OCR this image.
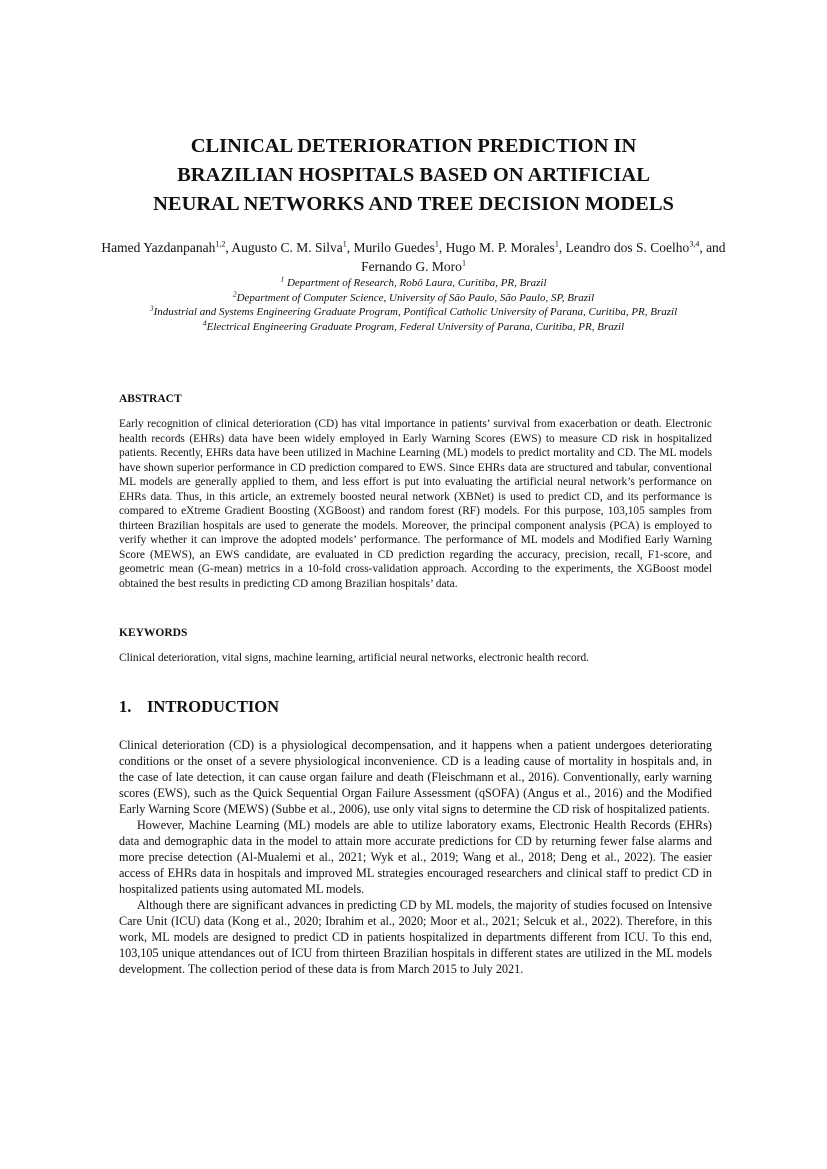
CLINICAL DETERIORATION PREDICTION IN
BRAZILIAN HOSPITALS BASED ON ARTIFICIAL
NEURAL NETWORKS AND TREE DECISION MODELS
Hamed Yazdanpanah$^{1,2}$, Augusto C. M. Silva$^1$, Murilo Guedes$^1$, Hugo M. P. Morales$^1$, Leandro dos S. Coelho$^{3,4}$, and Fernando G. Moro$^1$
$^1$ Department of Research, Robô Laura, Curitiba, PR, Brazil
$^2$Department of Computer Science, University of São Paulo, São Paulo, SP, Brazil
$^3$Industrial and Systems Engineering Graduate Program, Pontifical Catholic University of Parana, Curitiba, PR, Brazil
$^4$Electrical Engineering Graduate Program, Federal University of Parana, Curitiba, PR, Brazil
ABSTRACT

Early recognition of clinical deterioration (CD) has vital importance in patients’ survival from exacerbation or death. Electronic health records (EHRs) data have been widely employed in Early Warning Scores (EWS) to measure CD risk in hospitalized patients. Recently, EHRs data have been utilized in Machine Learning (ML) models to predict mortality and CD. The ML models have shown superior performance in CD prediction compared to EWS. Since EHRs data are structured and tabular, conventional ML models are generally applied to them, and less effort is put into evaluating the artificial neural network’s performance on EHRs data. Thus, in this article, an extremely boosted neural network (XBNet) is used to predict CD, and its performance is compared to eXtreme Gradient Boosting (XGBoost) and random forest (RF) models. For this purpose, 103,105 samples from thirteen Brazilian hospitals are used to generate the models. Moreover, the principal component analysis (PCA) is employed to verify whether it can improve the adopted models’ performance. The performance of ML models and Modified Early Warning Score (MEWS), an EWS candidate, are evaluated in CD prediction regarding the accuracy, precision, recall, F1-score, and geometric mean (G-mean) metrics in a 10-fold cross-validation approach. According to the experiments, the XGBoost model obtained the best results in predicting CD among Brazilian hospitals’ data.

KEYWORDS

Clinical deterioration, vital signs, machine learning, artificial neural networks, electronic health record.

1. INTRODUCTION

Clinical deterioration (CD) is a physiological decompensation, and it happens when a patient undergoes deteriorating conditions or the onset of a severe physiological inconvenience. CD is a leading cause of mortality in hospitals and, in the case of late detection, it can cause organ failure and death (Fleischmann et al., 2016). Conventionally, early warning scores (EWS), such as the Quick Sequential Organ Failure Assessment (qSOFA) (Angus et al., 2016) and the Modified Early Warning Score (MEWS) (Subbe et al., 2006), use only vital signs to determine the CD risk of hospitalized patients.

However, Machine Learning (ML) models are able to utilize laboratory exams, Electronic Health Records (EHRs) data and demographic data in the model to attain more accurate predictions for CD by returning fewer false alarms and more precise detection (Al-Mualemi et al., 2021; Wyk et al., 2019; Wang et al., 2018; Deng et al., 2022). The easier access of EHRs data in hospitals and improved ML strategies encouraged researchers and clinical staff to predict CD in hospitalized patients using automated ML models.

Although there are significant advances in predicting CD by ML models, the majority of studies focused on Intensive Care Unit (ICU) data (Kong et al., 2020; Ibrahim et al., 2020; Moor et al., 2021; Selcuk et al., 2022). Therefore, in this work, ML models are designed to predict CD in patients hospitalized in departments different from ICU. To this end, 103,105 unique attendances out of ICU from thirteen Brazilian hospitals in different states are utilized in the ML models development. The collection period of these data is from March 2015 to July 2021.
